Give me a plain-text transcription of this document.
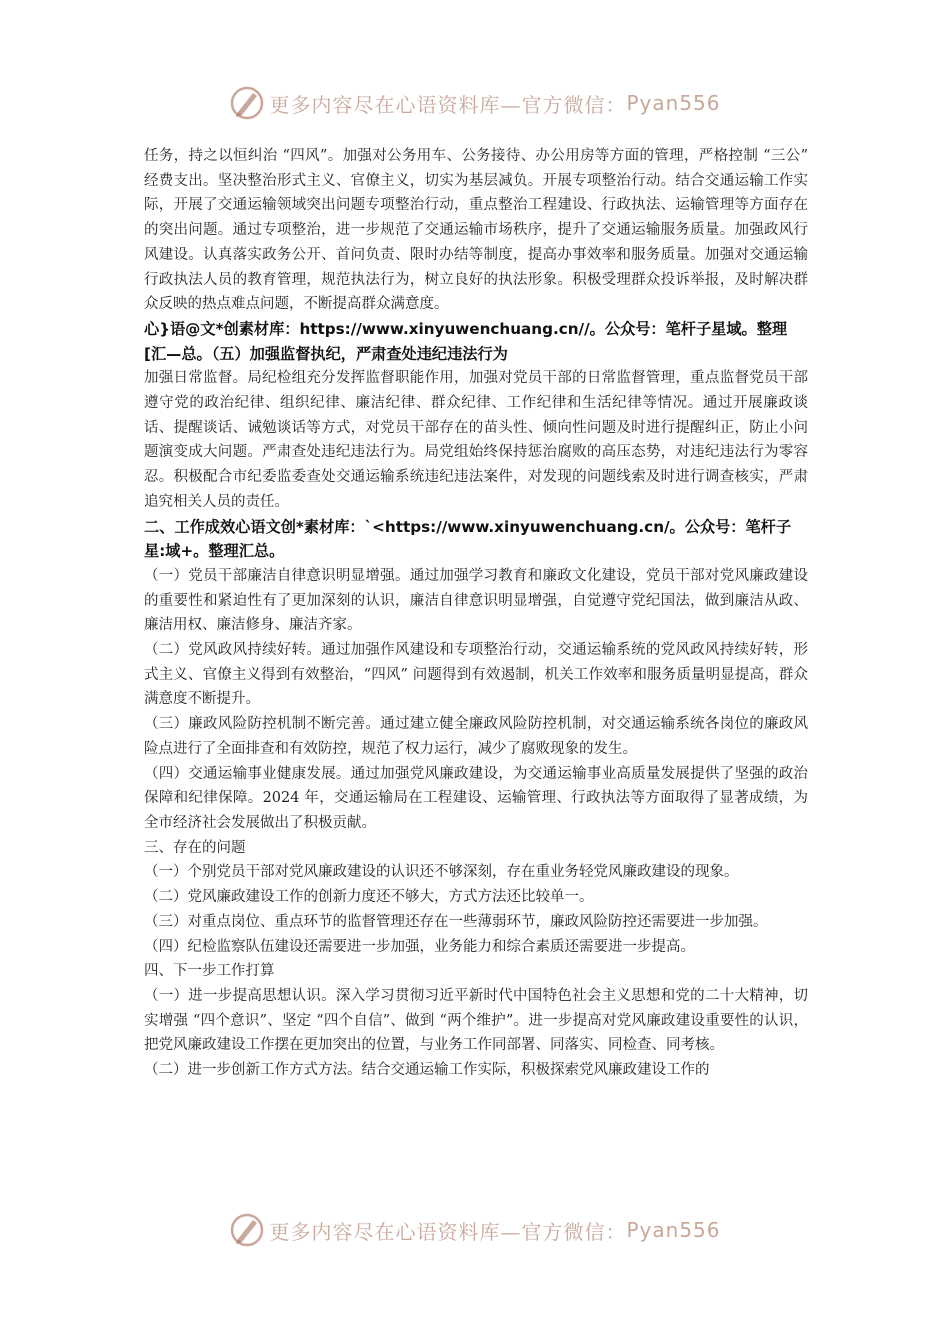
更多内容尽在心语资料库—官方微信： Pyan556

任务，持之以恒纠治 “四风”。加强对公务用车、公务接待、办公用房等方面的管理，严格控制 “三公” 经费支出。坚决整治形式主义、官僚主义，切实为基层减负。开展专项整治行动。结合交通运输工作实际，开展了交通运输领域突出问题专项整治行动，重点整治工程建设、行政执法、运输管理等方面存在的突出问题。通过专项整治，进一步规范了交通运输市场秩序，提升了交通运输服务质量。加强政风行风建设。认真落实政务公开、首问负责、限时办结等制度，提高办事效率和服务质量。加强对交通运输行政执法人员的教育管理，规范执法行为，树立良好的执法形象。积极受理群众投诉举报，及时解决群众反映的热点难点问题，不断提高群众满意度。

心}语@文*创素材库：https://www.xinyuwenchuang.cn//。公众号：笔杆子星域。整理[汇—总。（五）加强监督执纪，严肃查处违纪违法行为

加强日常监督。局纪检组充分发挥监督职能作用，加强对党员干部的日常监督管理，重点监督党员干部遵守党的政治纪律、组织纪律、廉洁纪律、群众纪律、工作纪律和生活纪律等情况。通过开展廉政谈话、提醒谈话、诫勉谈话等方式，对党员干部存在的苗头性、倾向性问题及时进行提醒纠正，防止小问题演变成大问题。严肃查处违纪违法行为。局党组始终保持惩治腐败的高压态势，对违纪违法行为零容忍。积极配合市纪委监委查处交通运输系统违纪违法案件，对发现的问题线索及时进行调查核实，严肃追究相关人员的责任。

二、工作成效心语文创*素材库：`<https://www.xinyuwenchuang.cn/。公众号：笔杆子星:域+。整理汇总。

（一）党员干部廉洁自律意识明显增强。通过加强学习教育和廉政文化建设，党员干部对党风廉政建设的重要性和紧迫性有了更加深刻的认识，廉洁自律意识明显增强，自觉遵守党纪国法，做到廉洁从政、廉洁用权、廉洁修身、廉洁齐家。

（二）党风政风持续好转。通过加强作风建设和专项整治行动，交通运输系统的党风政风持续好转，形式主义、官僚主义得到有效整治，“四风” 问题得到有效遏制，机关工作效率和服务质量明显提高，群众满意度不断提升。

（三）廉政风险防控机制不断完善。通过建立健全廉政风险防控机制，对交通运输系统各岗位的廉政风险点进行了全面排查和有效防控，规范了权力运行，减少了腐败现象的发生。

（四）交通运输事业健康发展。通过加强党风廉政建设，为交通运输事业高质量发展提供了坚强的政治保障和纪律保障。2024 年，交通运输局在工程建设、运输管理、行政执法等方面取得了显著成绩，为全市经济社会发展做出了积极贡献。

三、存在的问题

（一）个别党员干部对党风廉政建设的认识还不够深刻，存在重业务轻党风廉政建设的现象。

（二）党风廉政建设工作的创新力度还不够大，方式方法还比较单一。

（三）对重点岗位、重点环节的监督管理还存在一些薄弱环节，廉政风险防控还需要进一步加强。

（四）纪检监察队伍建设还需要进一步加强，业务能力和综合素质还需要进一步提高。

四、下一步工作打算

（一）进一步提高思想认识。深入学习贯彻习近平新时代中国特色社会主义思想和党的二十大精神，切实增强 “四个意识”、坚定 “四个自信”、做到 “两个维护”。进一步提高对党风廉政建设重要性的认识，把党风廉政建设工作摆在更加突出的位置，与业务工作同部署、同落实、同检查、同考核。

（二）进一步创新工作方式方法。结合交通运输工作实际，积极探索党风廉政建设工作的

更多内容尽在心语资料库—官方微信： Pyan556
